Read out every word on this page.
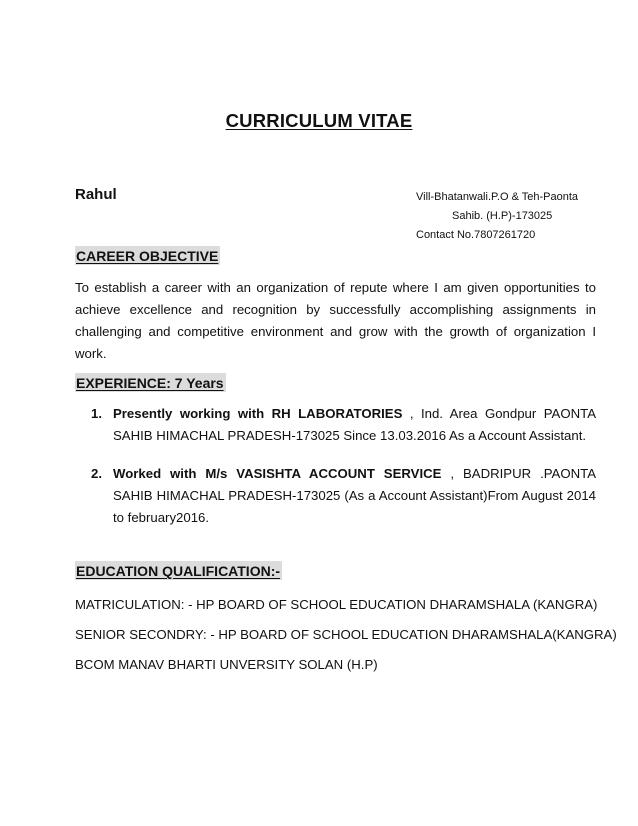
CURRICULUM VITAE
Rahul	Vill-Bhatanwali.P.O & Teh-Paonta
Sahib. (H.P)-173025
Contact No.7807261720
CAREER OBJECTIVE
To establish a career with an organization of repute where I am given opportunities to achieve excellence and recognition by successfully accomplishing assignments in challenging and competitive environment and grow with the growth of organization I work.
EXPERIENCE: 7 Years
1. Presently working with RH LABORATORIES , Ind. Area Gondpur PAONTA SAHIB HIMACHAL PRADESH-173025 Since 13.03.2016 As a Account Assistant.
2. Worked with M/s VASISHTA ACCOUNT SERVICE , BADRIPUR .PAONTA SAHIB HIMACHAL PRADESH-173025 (As a Account Assistant)From August 2014 to february2016.
EDUCATION QUALIFICATION:-
MATRICULATION: - HP BOARD OF SCHOOL EDUCATION DHARAMSHALA (KANGRA)
SENIOR SECONDRY: - HP BOARD OF SCHOOL EDUCATION DHARAMSHALA(KANGRA)
BCOM MANAV BHARTI UNVERSITY SOLAN (H.P)
